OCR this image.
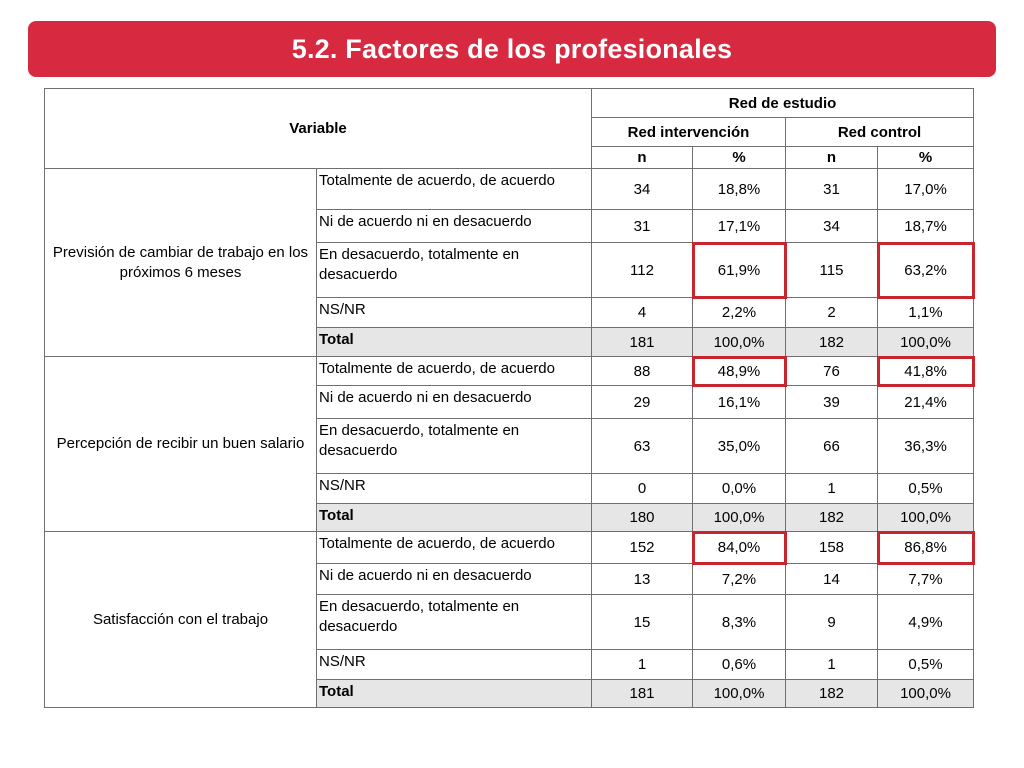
5.2. Factores de los profesionales
Variable		Red de estudio			
		Red intervención		Red control	
		n	%	n	%
Previsión de cambiar de trabajo en los próximos 6 meses	Totalmente de acuerdo, de acuerdo	34	18,8%	31	17,0%
	Ni de acuerdo ni en desacuerdo	31	17,1%	34	18,7%
	En desacuerdo, totalmente en desacuerdo	112	61,9%	115	63,2%
	NS/NR	4	2,2%	2	1,1%
	Total	181	100,0%	182	100,0%
Percepción de recibir un buen salario	Totalmente de acuerdo, de acuerdo	88	48,9%	76	41,8%
	Ni de acuerdo ni en desacuerdo	29	16,1%	39	21,4%
	En desacuerdo, totalmente en desacuerdo	63	35,0%	66	36,3%
	NS/NR	0	0,0%	1	0,5%
	Total	180	100,0%	182	100,0%
Satisfacción con el trabajo	Totalmente de acuerdo, de acuerdo	152	84,0%	158	86,8%
	Ni de acuerdo ni en desacuerdo	13	7,2%	14	7,7%
	En desacuerdo, totalmente en desacuerdo	15	8,3%	9	4,9%
	NS/NR	1	0,6%	1	0,5%
	Total	181	100,0%	182	100,0%
